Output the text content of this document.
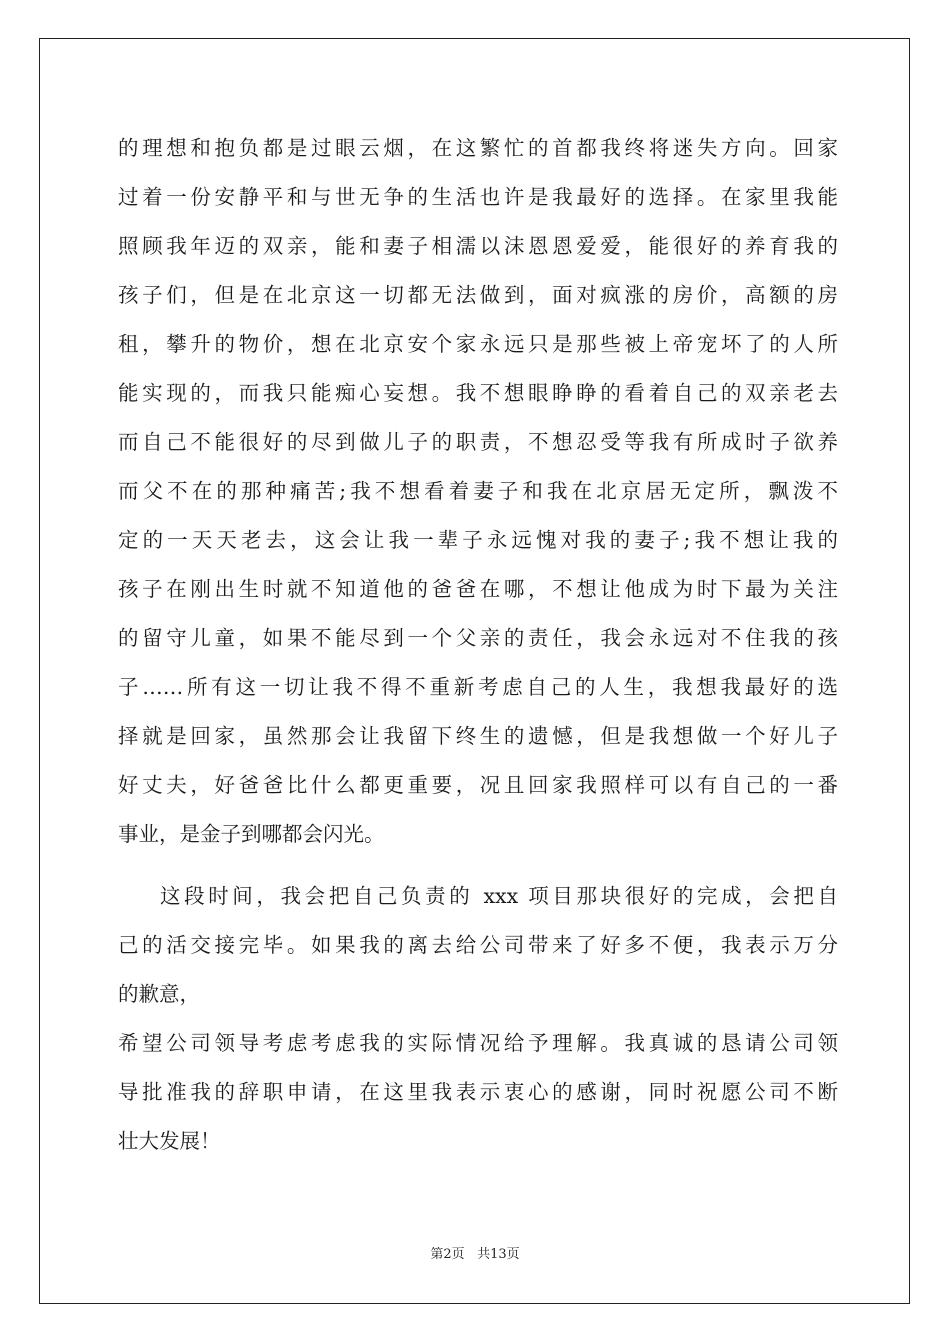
的理想和抱负都是过眼云烟，在这繁忙的首都我终将迷失方向。回家
过着一份安静平和与世无争的生活也许是我最好的选择。在家里我能
照顾我年迈的双亲，能和妻子相濡以沫恩恩爱爱，能很好的养育我的
孩子们，但是在北京这一切都无法做到，面对疯涨的房价，高额的房
租，攀升的物价，想在北京安个家永远只是那些被上帝宠坏了的人所
能实现的，而我只能痴心妄想。我不想眼睁睁的看着自己的双亲老去
而自己不能很好的尽到做儿子的职责，不想忍受等我有所成时子欲养
而父不在的那种痛苦;我不想看着妻子和我在北京居无定所，飘泼不
定的一天天老去，这会让我一辈子永远愧对我的妻子;我不想让我的
孩子在刚出生时就不知道他的爸爸在哪，不想让他成为时下最为关注
的留守儿童，如果不能尽到一个父亲的责任，我会永远对不住我的孩
子……所有这一切让我不得不重新考虑自己的人生，我想我最好的选
择就是回家，虽然那会让我留下终生的遗憾，但是我想做一个好儿子
好丈夫，好爸爸比什么都更重要，况且回家我照样可以有自己的一番
事业，是金子到哪都会闪光。
这段时间，我会把自己负责的 xxx 项目那块很好的完成，会把自
己的活交接完毕。如果我的离去给公司带来了好多不便，我表示万分
的歉意，
希望公司领导考虑考虑我的实际情况给予理解。我真诚的恳请公司领
导批准我的辞职申请，在这里我表示衷心的感谢，同时祝愿公司不断
壮大发展！
第2页 共13页
